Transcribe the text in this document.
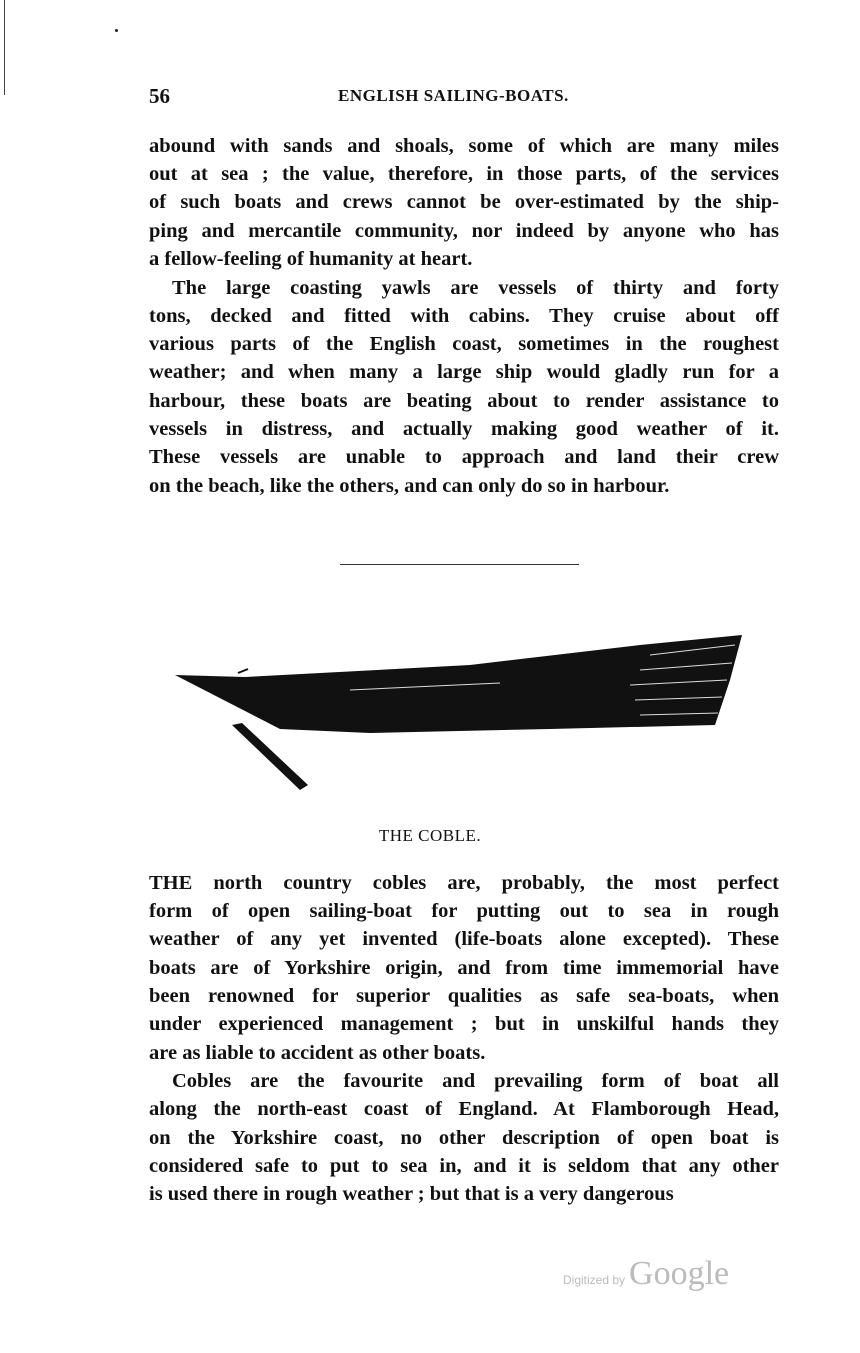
56	ENGLISH SAILING-BOATS.
abound with sands and shoals, some of which are many miles
out at sea ; the value, therefore, in those parts, of the services
of such boats and crews cannot be over-estimated by the ship-
ping and mercantile community, nor indeed by anyone who has
a fellow-feeling of humanity at heart.
The large coasting yawls are vessels of thirty and forty
tons, decked and fitted with cabins. They cruise about off
various parts of the English coast, sometimes in the roughest
weather; and when many a large ship would gladly run for a
harbour, these boats are beating about to render assistance to
vessels in distress, and actually making good weather of it.
These vessels are unable to approach and land their crew
on the beach, like the others, and can only do so in harbour.
THE north country cobles are, probably, the most perfect
form of open sailing-boat for putting out to sea in rough
weather of any yet invented (life-boats alone excepted). These
boats are of Yorkshire origin, and from time immemorial have
been renowned for superior qualities as safe sea-boats, when
under experienced management ; but in unskilful hands they
are as liable to accident as other boats.
Cobles are the favourite and prevailing form of boat all
along the north-east coast of England. At Flamborough Head,
on the Yorkshire coast, no other description of open boat is
considered safe to put to sea in, and it is seldom that any other
is used there in rough weather ; but that is a very dangerous
THE COBLE.
Digitized by Google
